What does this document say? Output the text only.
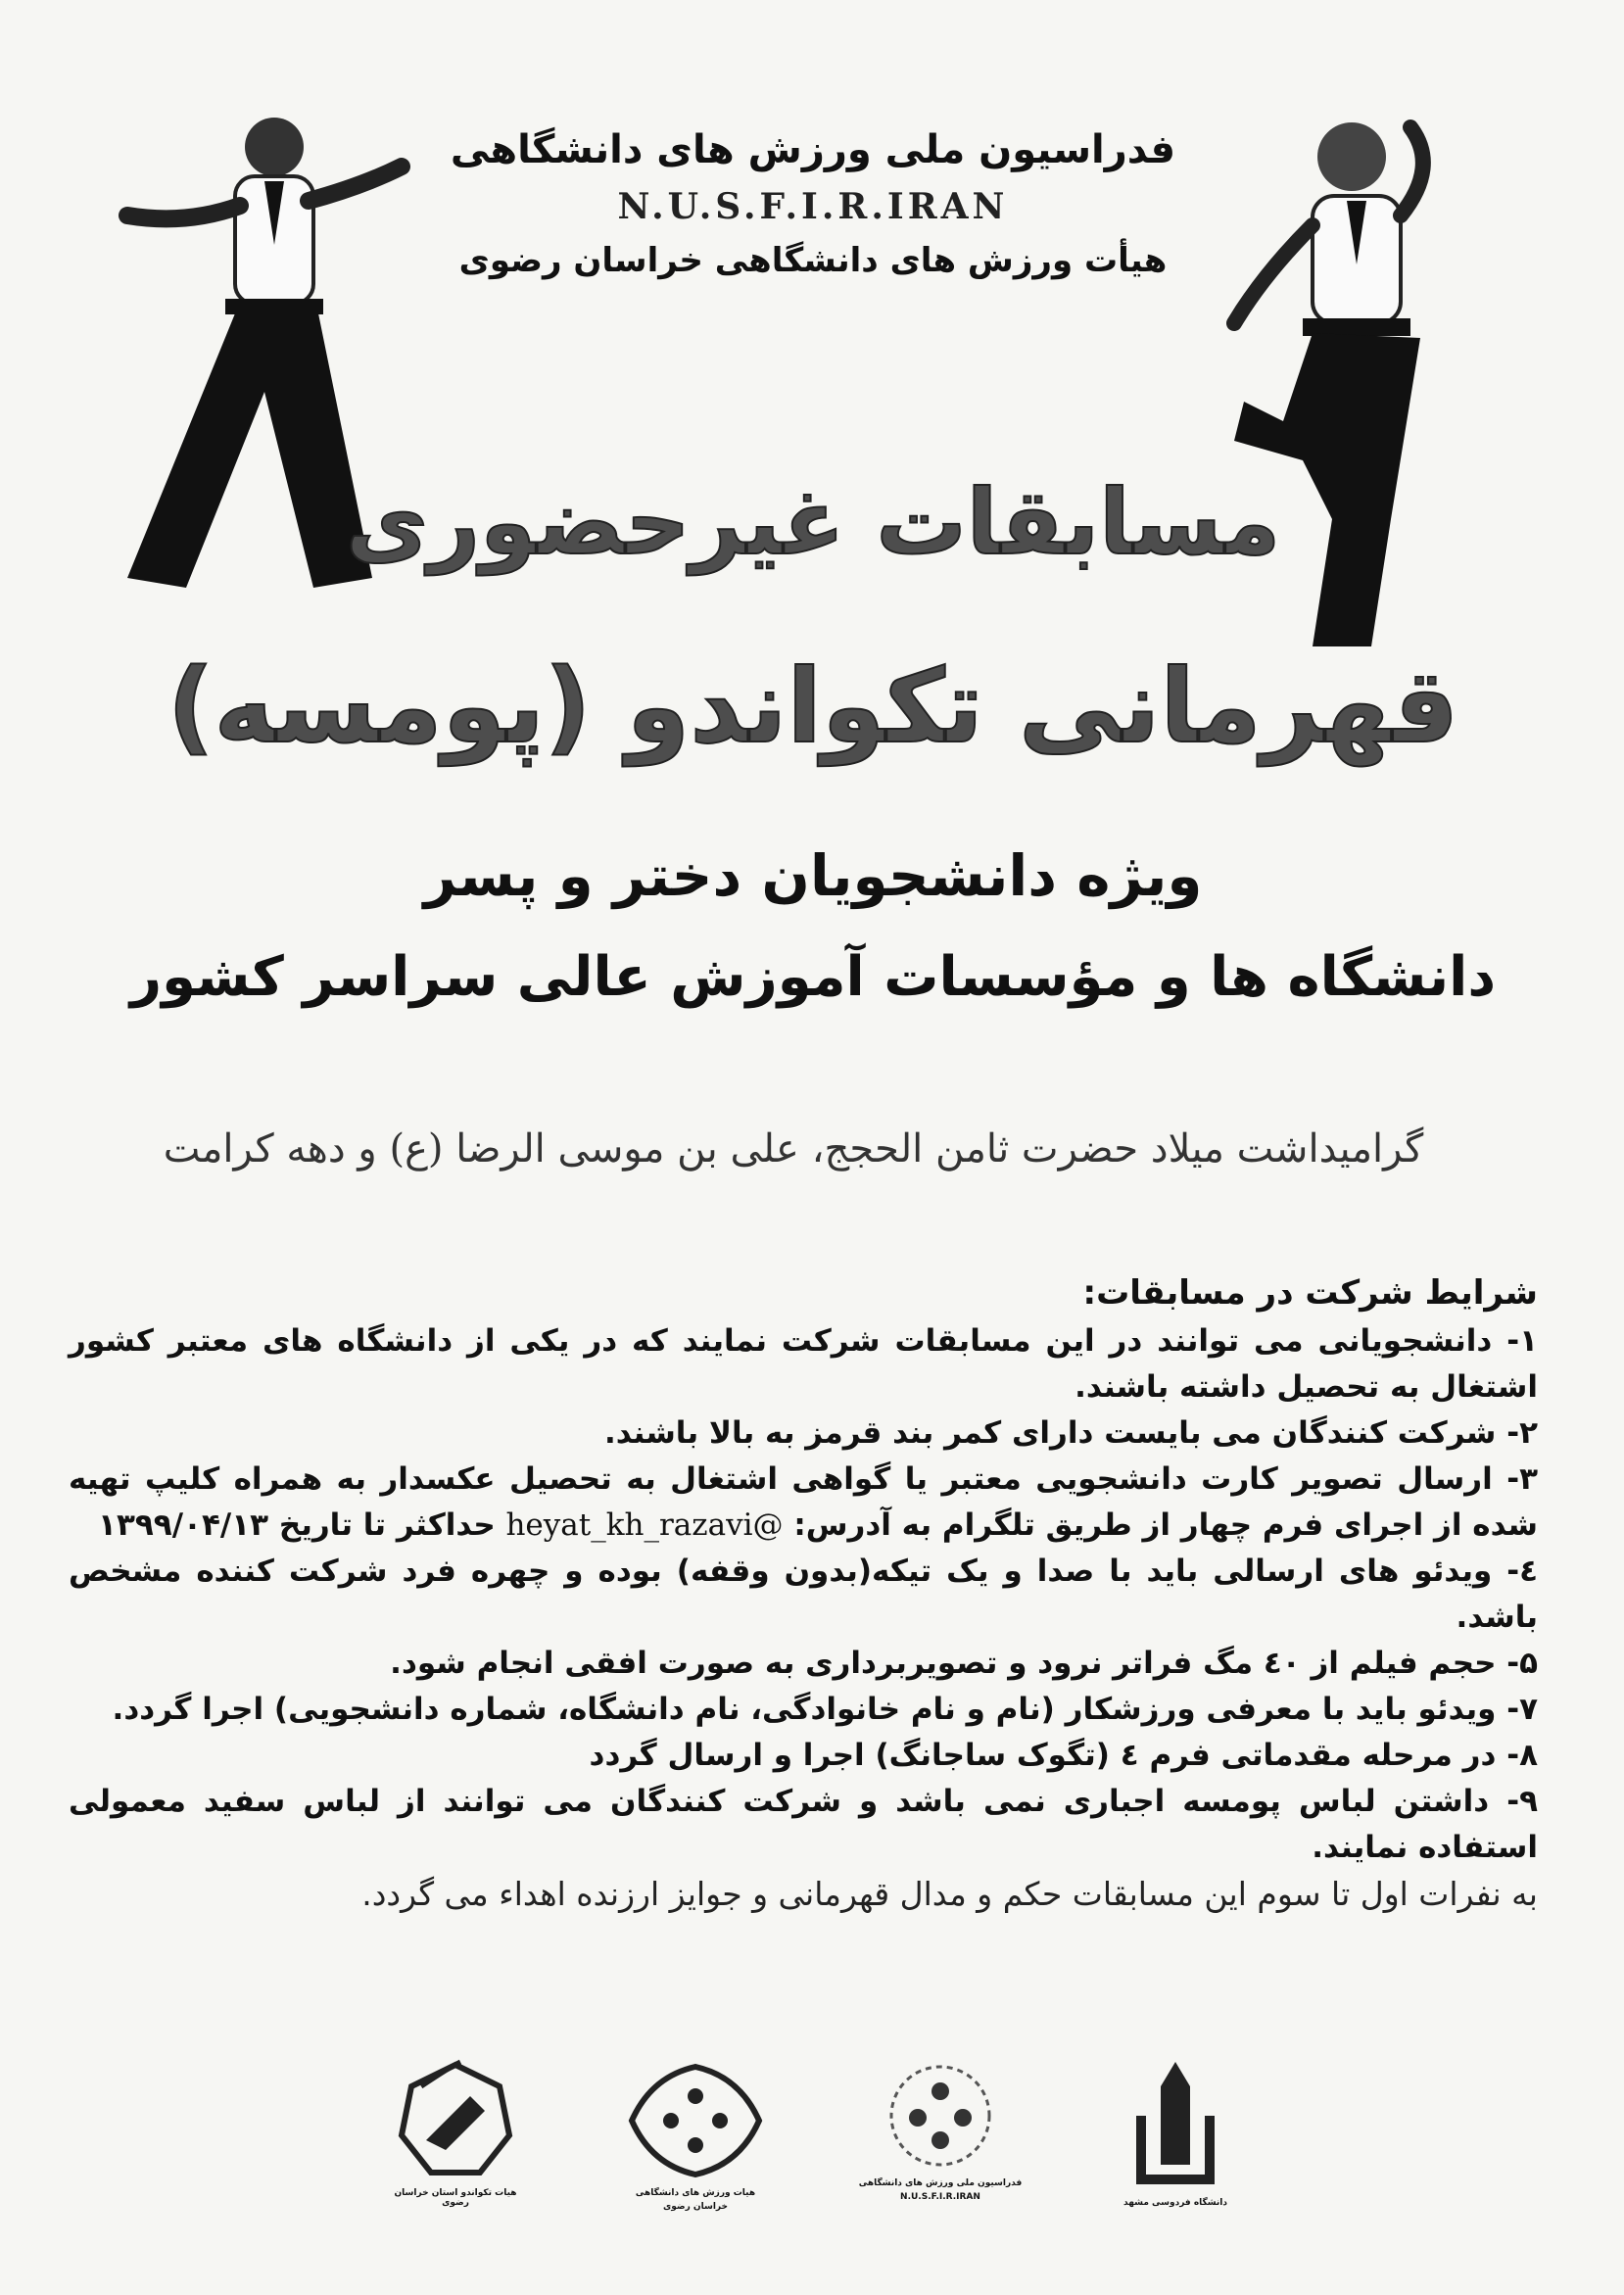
فدراسیون ملی ورزش های دانشگاهی
N.U.S.F.I.R.IRAN
هیأت ورزش های دانشگاهی خراسان رضوی
مسابقات غیرحضوری
قهرمانی تکواندو (پومسه)
ویژه دانشجویان دختر و پسر
دانشگاه ها و مؤسسات آموزش عالی سراسر کشور
گرامیداشت میلاد حضرت ثامن الحجج، علی بن موسی الرضا (ع) و دهه کرامت
شرایط شرکت در مسابقات:

۱- دانشجویانی می توانند در این مسابقات شرکت نمایند که در یکی از دانشگاه های معتبر کشور اشتغال به تحصیل داشته باشند.

۲- شرکت کنندگان می بایست دارای کمر بند قرمز به بالا باشند.

۳- ارسال تصویر کارت دانشجویی معتبر یا گواهی اشتغال به تحصیل عکسدار به همراه کلیپ تهیه شده از اجرای فرم چهار از طریق تلگرام به آدرس: heyat_kh_razavi@ حداکثر تا تاریخ ۱۳۹۹/۰۴/۱۳

٤- ویدئو های ارسالی باید با صدا و یک تیکه(بدون وقفه) بوده و چهره فرد شرکت کننده مشخص باشد.

۵- حجم فیلم از ٤۰ مگ فراتر نرود و تصویربرداری به صورت افقی انجام شود.

۷- ویدئو باید با معرفی ورزشکار (نام و نام خانوادگی، نام دانشگاه، شماره دانشجویی) اجرا گردد.

۸- در مرحله مقدماتی فرم ٤ (تگوک ساجانگ) اجرا و ارسال گردد

۹- داشتن لباس پومسه اجباری نمی باشد و شرکت کنندگان می توانند از لباس سفید معمولی استفاده نمایند.

به نفرات اول تا سوم این مسابقات حکم و مدال قهرمانی و جوایز ارزنده اهداء می گردد.
هیات تکواندو استان خراسان رضوی
هیات ورزش های دانشگاهی
خراسان رضوی
فدراسیون ملی ورزش های دانشگاهی
N.U.S.F.I.R.IRAN
دانشگاه فردوسی مشهد
